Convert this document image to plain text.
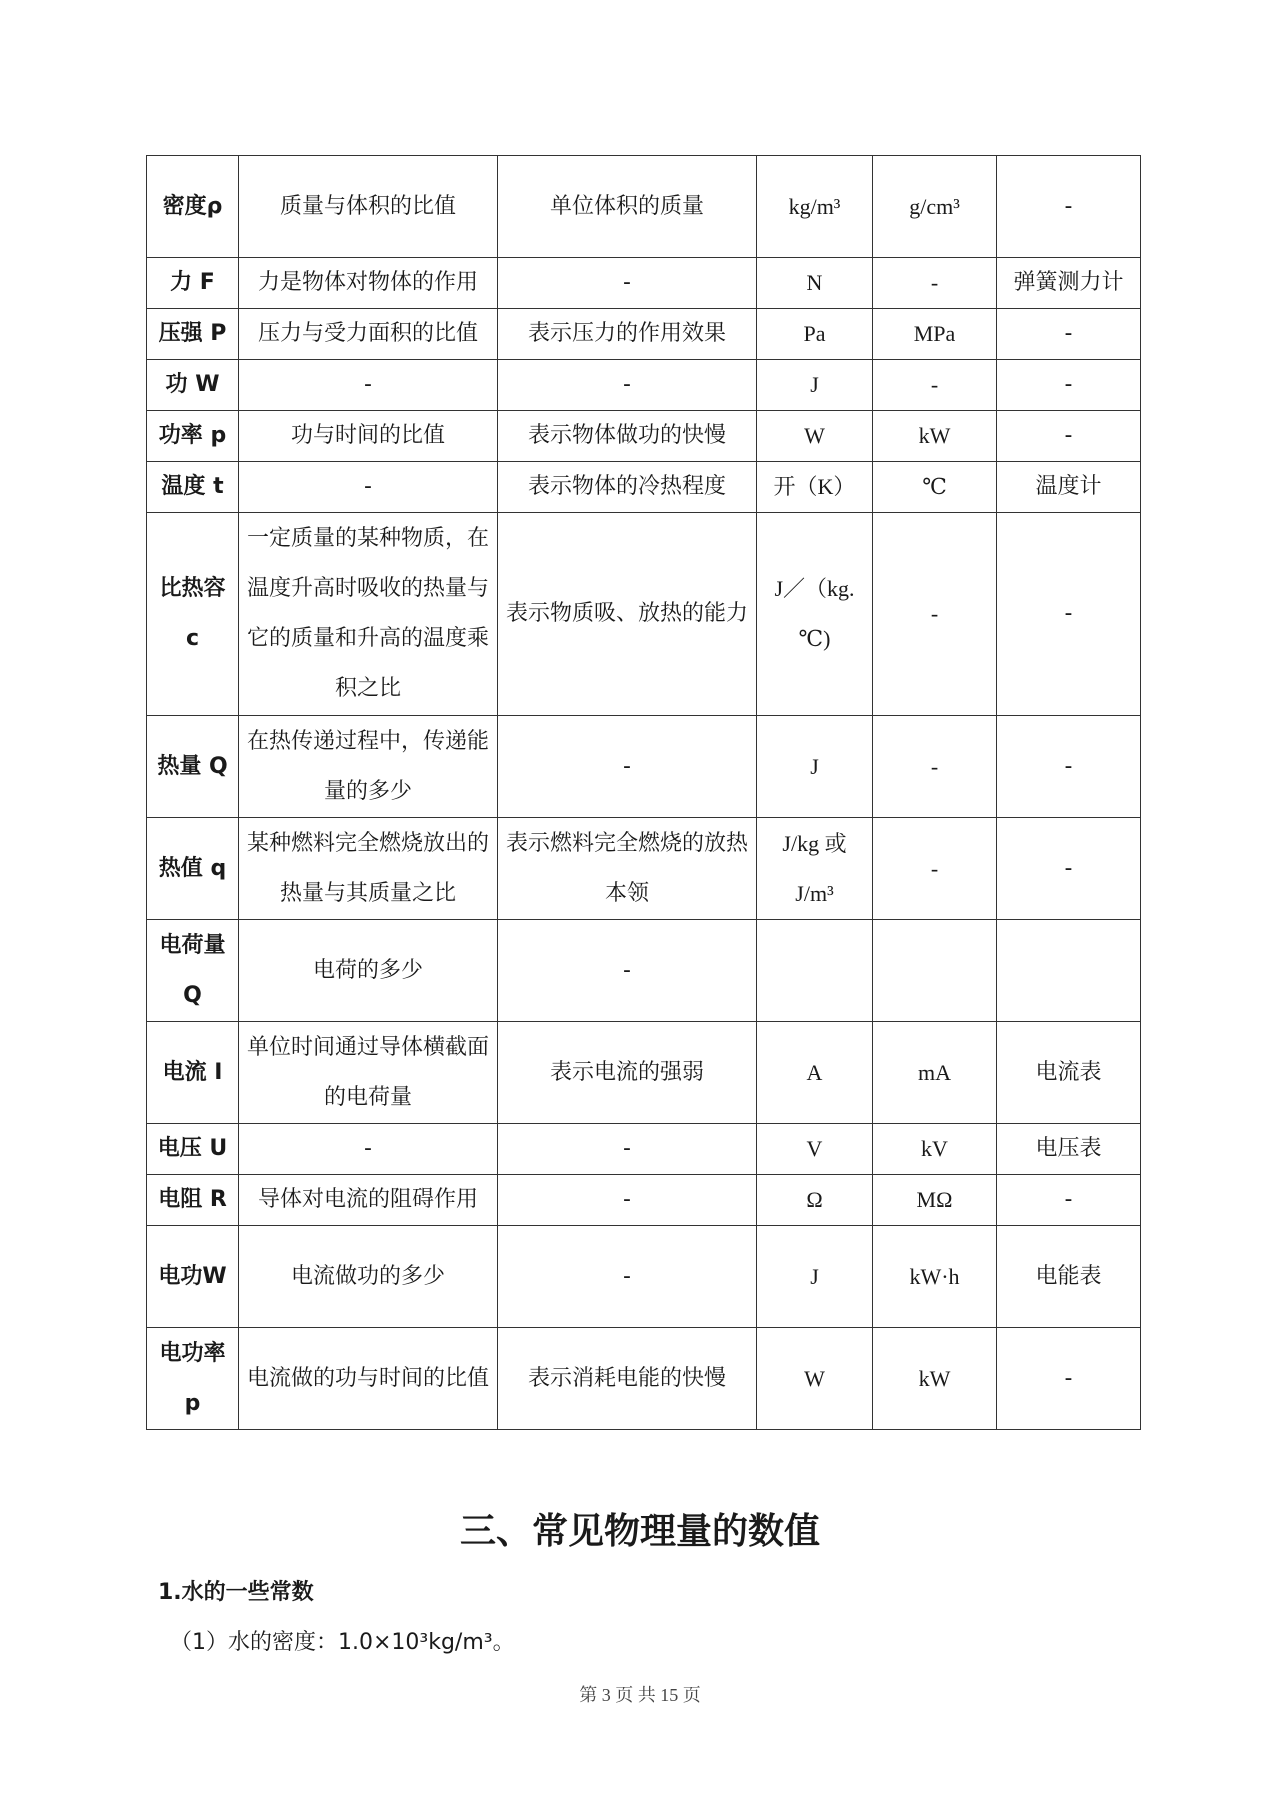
密度ρ	质量与体积的比值	单位体积的质量	kg/m³	g/cm³	-
力 F	力是物体对物体的作用	-	N	-	弹簧测力计
压强 P	压力与受力面积的比值	表示压力的作用效果	Pa	MPa	-
功 W	-	-	J	-	-
功率 p	功与时间的比值	表示物体做功的快慢	W	kW	-
温度 t	-	表示物体的冷热程度	开（K）	℃	温度计
比热容c	一定质量的某种物质，在温度升高时吸收的热量与它的质量和升高的温度乘积之比	表示物质吸、放热的能力	J／（kg.℃)	-	-
热量 Q	在热传递过程中，传递能量的多少	-	J	-	-
热值 q	某种燃料完全燃烧放出的热量与其质量之比	表示燃料完全燃烧的放热本领	J/kg 或 J/m³	-	-
电荷量Q	电荷的多少	-			
电流 I	单位时间通过导体横截面的电荷量	表示电流的强弱	A	mA	电流表
电压 U	-	-	V	kV	电压表
电阻 R	导体对电流的阻碍作用	-	Ω	MΩ	-
电功W	电流做功的多少	-	J	kW·h	电能表
电功率p	电流做的功与时间的比值	表示消耗电能的快慢	W	kW	-
三、常见物理量的数值
1.水的一些常数
（1）水的密度：1.0×10³kg/m³。
第 3 页 共 15 页
